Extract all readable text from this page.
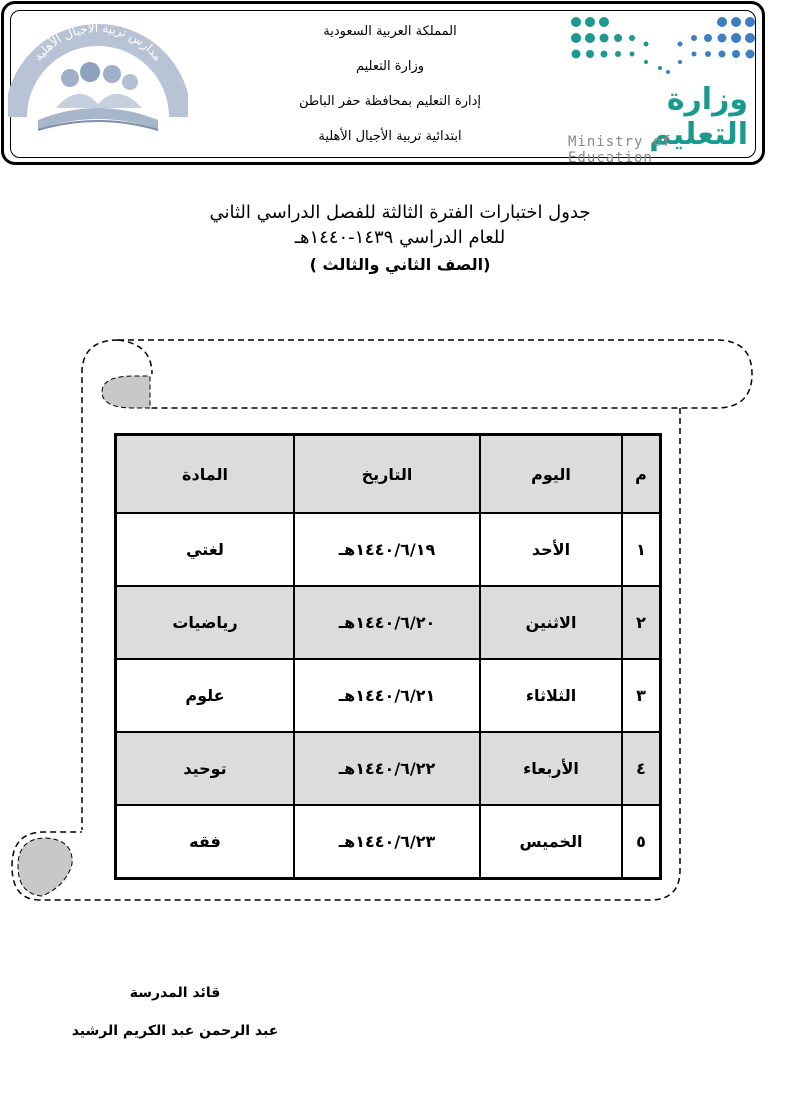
مدارس تربية الأجيال الأهلية
المملكة العربية السعودية
وزارة التعليم
إدارة التعليم بمحافظة حفر الباطن
ابتدائية تربية الأجيال الأهلية
وزارة التعليم
Ministry of Education
جدول اختبارات الفترة الثالثة للفصل الدراسي الثاني
للعام الدراسي ١٤٣٩-١٤٤٠هـ
(الصف الثاني والثالث )
م	اليوم	التاريخ	المادة
١	الأحد	١٤٤٠/٦/١٩هـ	لغتي
٢	الاثنين	١٤٤٠/٦/٢٠هـ	رياضيات
٣	الثلاثاء	١٤٤٠/٦/٢١هـ	علوم
٤	الأربعاء	١٤٤٠/٦/٢٢هـ	توحيد
٥	الخميس	١٤٤٠/٦/٢٣هـ	فقه
قائد المدرسة
عبد الرحمن عبد الكريم الرشيد
